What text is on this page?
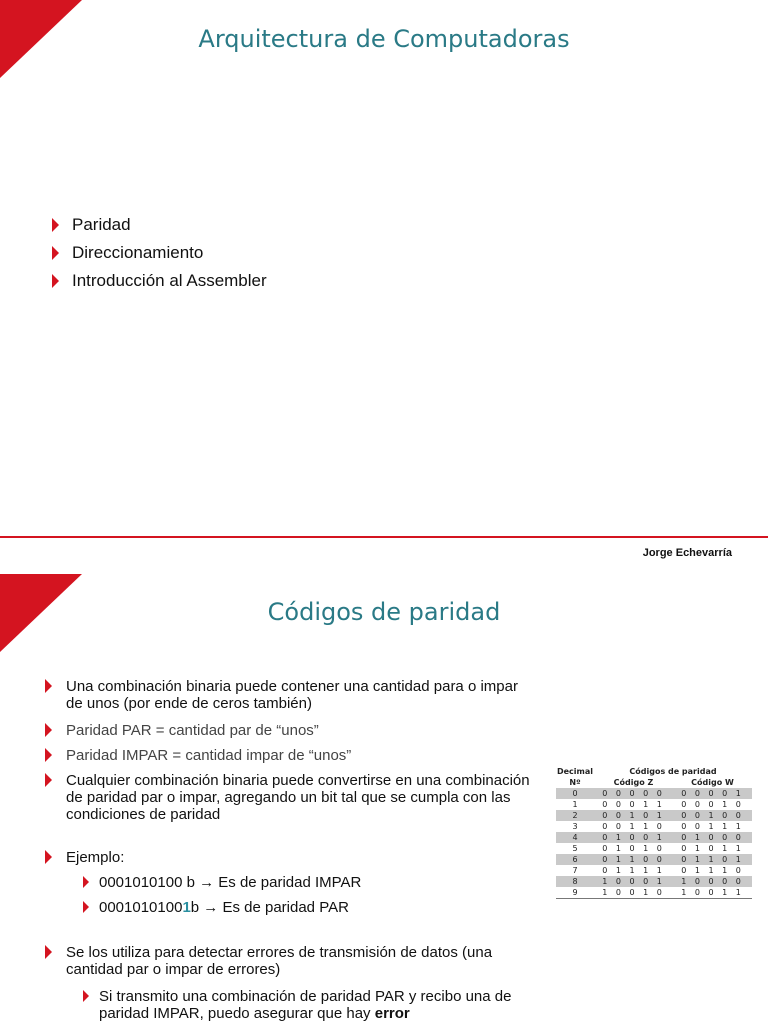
Arquitectura de Computadoras
Paridad
Direccionamiento
Introducción al Assembler
Jorge Echevarría
Códigos de paridad
Una combinación binaria puede contener una cantidad para o impar de unos (por ende de ceros también)
Paridad PAR = cantidad par de “unos”
Paridad IMPAR = cantidad impar de “unos”
Cualquier combinación binaria puede convertirse en una combinación de paridad par o impar, agregando un bit tal que se cumpla con las condiciones de paridad
Ejemplo:
0001010100 b → Es de paridad IMPAR
00010101001b → Es de paridad PAR
Se los utiliza para detectar errores de transmisión de datos (una cantidad par o impar de errores)
Si transmito una combinación de paridad PAR y recibo una de paridad IMPAR, puedo asegurar que hay error
Decimal	Códigos de paridad	
Nº	Código Z	Código W
0	0 0 0 0 0	0 0 0 0 1
1	0 0 0 1 1	0 0 0 1 0
2	0 0 1 0 1	0 0 1 0 0
3	0 0 1 1 0	0 0 1 1 1
4	0 1 0 0 1	0 1 0 0 0
5	0 1 0 1 0	0 1 0 1 1
6	0 1 1 0 0	0 1 1 0 1
7	0 1 1 1 1	0 1 1 1 0
8	1 0 0 0 1	1 0 0 0 0
9	1 0 0 1 0	1 0 0 1 1
